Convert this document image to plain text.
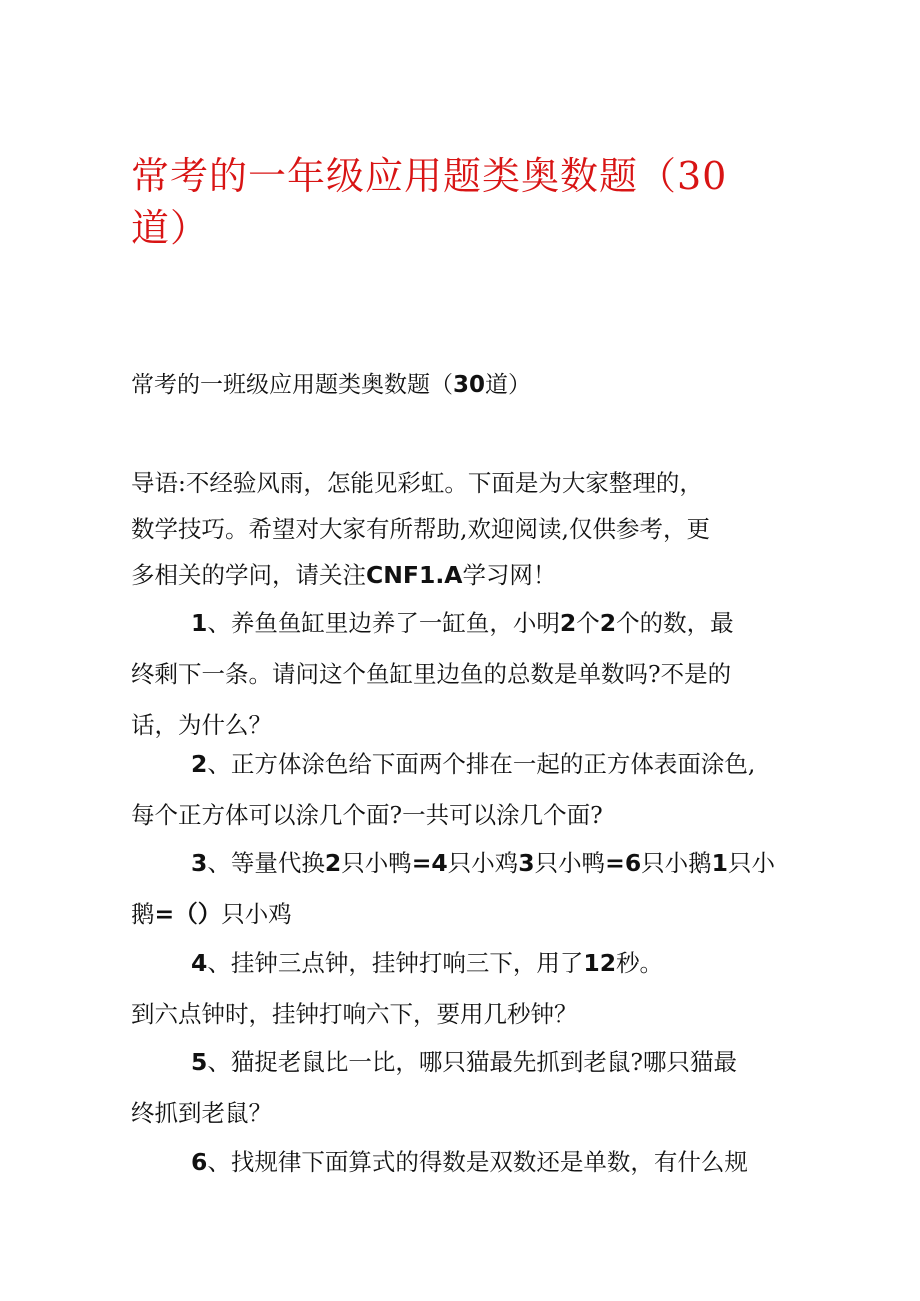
常考的一年级应用题类奥数题（30
道）

常考的一班级应用题类奥数题（30道）

导语:不经验风雨，怎能见彩虹。下面是为大家整理的，
数学技巧。希望对大家有所帮助,欢迎阅读,仅供参考，更
多相关的学问，请关注CNF1.A学习网！

1、养鱼鱼缸里边养了一缸鱼，小明2个2个的数，最
终剩下一条。请问这个鱼缸里边鱼的总数是单数吗?不是的
话，为什么？

2、正方体涂色给下面两个排在一起的正方体表面涂色,
每个正方体可以涂几个面?一共可以涂几个面?

3、等量代换2只小鸭=4只小鸡3只小鸭=6只小鹅1只小
鹅=（）只小鸡

4、挂钟三点钟，挂钟打响三下，用了12秒。
到六点钟时，挂钟打响六下，要用几秒钟？

5、猫捉老鼠比一比，哪只猫最先抓到老鼠?哪只猫最
终抓到老鼠？

6、找规律下面算式的得数是双数还是单数，有什么规
